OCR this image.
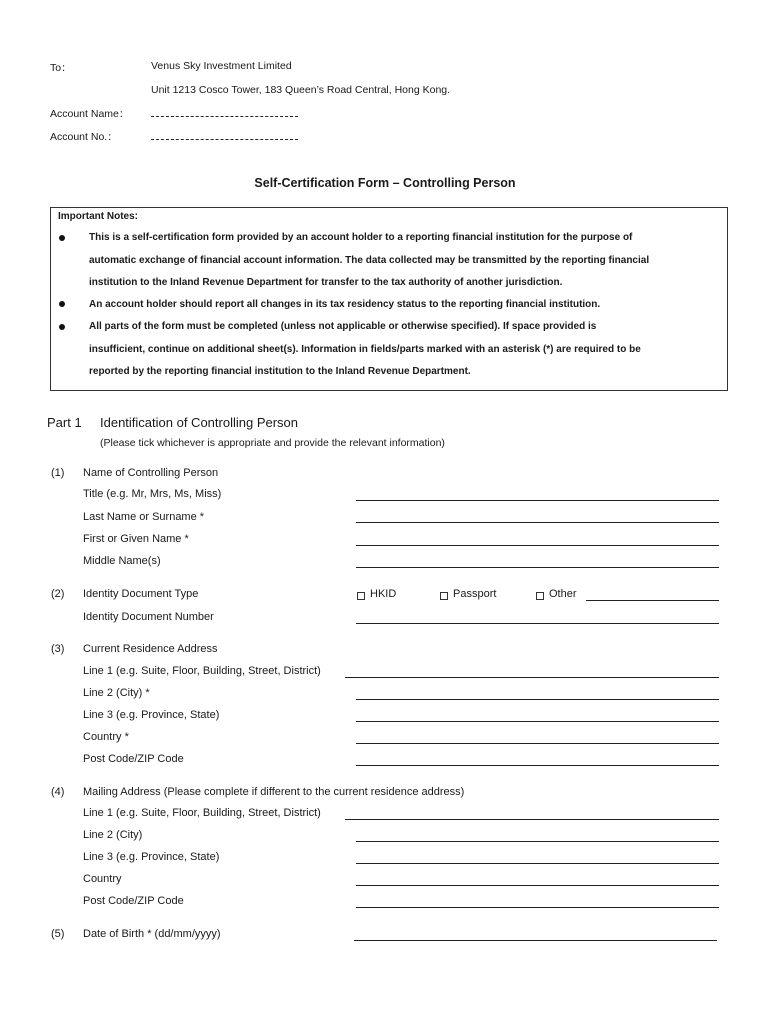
To：	Venus Sky Investment Limited
Unit 1213 Cosco Tower, 183 Queen’s Road Central, Hong Kong.
Account Name：
Account No.：
Self-Certification Form – Controlling Person
Important Notes:
This is a self-certification form provided by an account holder to a reporting financial institution for the purpose of
automatic exchange of financial account information. The data collected may be transmitted by the reporting financial
institution to the Inland Revenue Department for transfer to the tax authority of another jurisdiction.
An account holder should report all changes in its tax residency status to the reporting financial institution.
All parts of the form must be completed (unless not applicable or otherwise specified). If space provided is
insufficient, continue on additional sheet(s). Information in fields/parts marked with an asterisk (*) are required to be
reported by the reporting financial institution to the Inland Revenue Department.
Part 1 Identification of Controlling Person
(Please tick whichever is appropriate and provide the relevant information)
(1) Name of Controlling Person
Title (e.g. Mr, Mrs, Ms, Miss)
Last Name or Surname *
First or Given Name *
Middle Name(s)
(2) Identity Document Type	HKID	Passport	Other
Identity Document Number
(3) Current Residence Address
Line 1 (e.g. Suite, Floor, Building, Street, District)
Line 2 (City) *
Line 3 (e.g. Province, State)
Country *
Post Code/ZIP Code
(4) Mailing Address (Please complete if different to the current residence address)
Line 1 (e.g. Suite, Floor, Building, Street, District)
Line 2 (City)
Line 3 (e.g. Province, State)
Country
Post Code/ZIP Code
(5) Date of Birth * (dd/mm/yyyy)
